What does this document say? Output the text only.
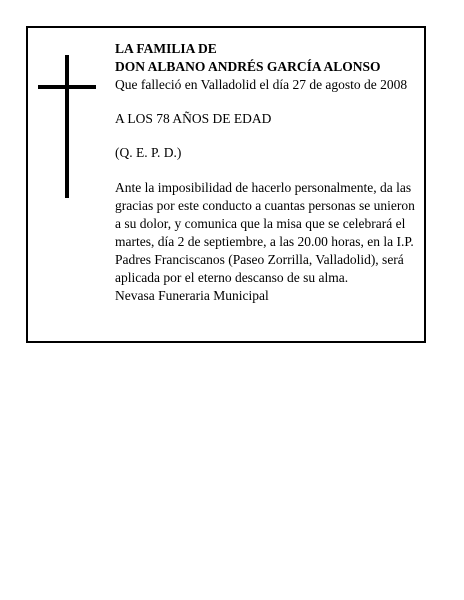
LA FAMILIA DE

DON ALBANO ANDRÉS GARCÍA ALONSO

Que falleció en Valladolid el día 27 de agosto de 2008

A LOS 78 AÑOS DE EDAD

(Q. E. P. D.)

Ante la imposibilidad de hacerlo personalmente, da las

gracias por este conducto a cuantas personas se unieron

a su dolor, y comunica que la misa que se celebrará el

martes, día 2 de septiembre, a las 20.00 horas, en la I.P.

Padres Franciscanos (Paseo Zorrilla, Valladolid), será

aplicada por el eterno descanso de su alma.

Nevasa Funeraria Municipal
